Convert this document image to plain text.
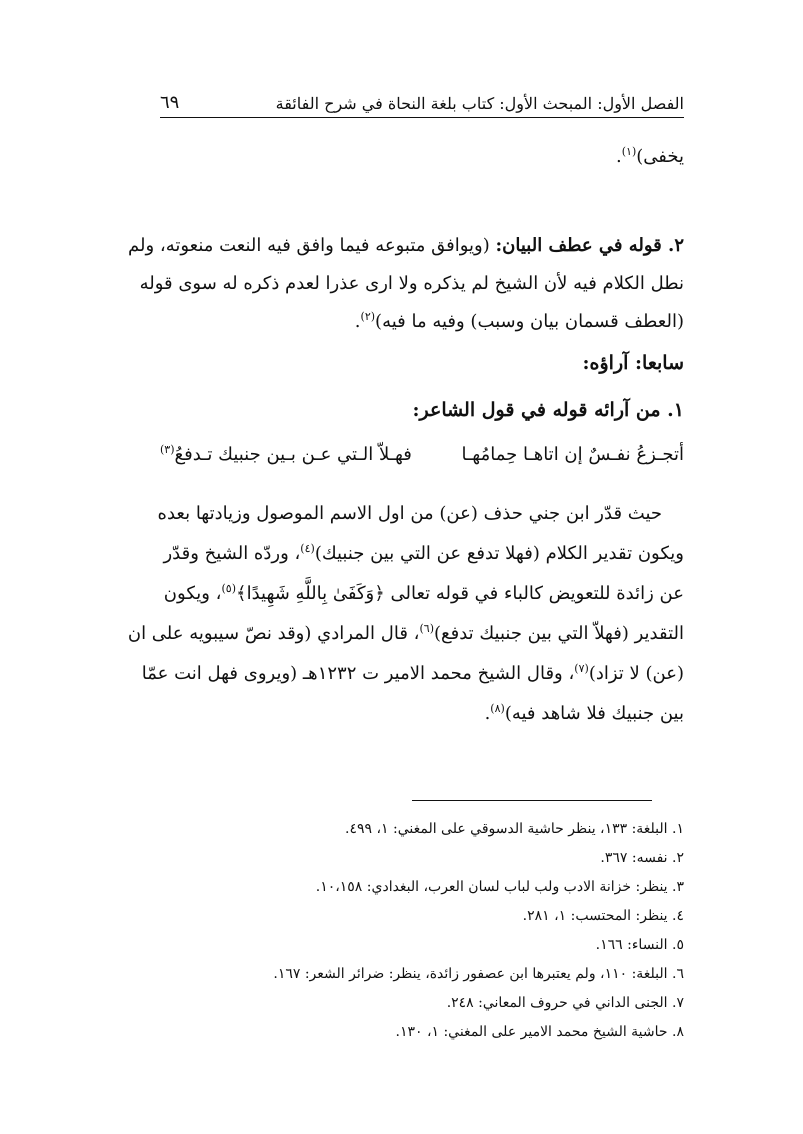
الفصل الأول: المبحث الأول: كتاب بلغة النحاة في شرح الفائقة
٦٩
يخفى)$^{(١)}$.
٢. قوله في عطف البيان: (ويوافق متبوعه فيما وافق فيه النعت منعوته، ولم
نطل الكلام فيه لأن الشيخ لم يذكره ولا ارى عذرا لعدم ذكره له سوى قوله
(العطف قسمان بيان وسبب) وفيه ما فيه)$^{(٢)}$.
سابعا: آراؤه:
١. من آرائه قوله في قول الشاعر:
أتجـزعُ نفـسٌ إن اتاهـا حِمامُهـا
فهـلاّ الـتي عـن بـين جنبيك تـدفعُ$^{(٣)}$
حيث قدّر ابن جني حذف (عن) من اول الاسم الموصول وزيادتها بعده
ويكون تقدير الكلام (فهلا تدفع عن التي بين جنبيك)$^{(٤)}$، وردّه الشيخ وقدّر
عن زائدة للتعويض كالباء في قوله تعالى ﴿وَكَفَىٰ بِاللَّهِ شَهِيدًا﴾$^{(٥)}$، ويكون
التقدير (فهلاّ التي بين جنبيك تدفع)$^{(٦)}$، قال المرادي (وقد نصّ سيبويه على ان
(عن) لا تزاد)$^{(٧)}$، وقال الشيخ محمد الامير ت ١٢٣٢هـ (ويروى فهل انت عمّا
بين جنبيك فلا شاهد فيه)$^{(٨)}$.
١. البلغة: ١٣٣، ينظر حاشية الدسوقي على المغني: ١، ٤٩٩.
٢. نفسه: ٣٦٧.
٣. ينظر: خزانة الادب ولب لباب لسان العرب، البغدادي: ١٠،١٥٨.
٤. ينظر: المحتسب: ١، ٢٨١.
٥. النساء: ١٦٦.
٦. البلغة: ١١٠، ولم يعتبرها ابن عصفور زائدة، ينظر: ضرائر الشعر: ١٦٧.
٧. الجنى الداني في حروف المعاني: ٢٤٨.
٨. حاشية الشيخ محمد الامير على المغني: ١، ١٣٠.
